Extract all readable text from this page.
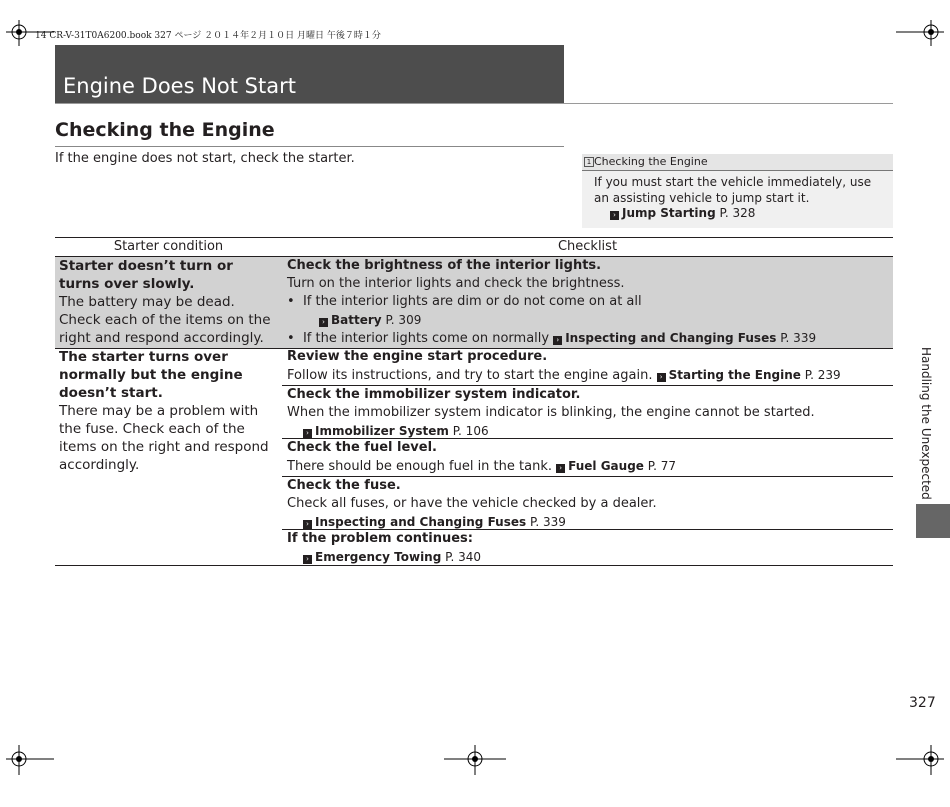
14 CR-V-31T0A6200.book 327 ページ ２０１４年２月１０日 月曜日 午後７時１分
Engine Does Not Start
Checking the Engine
If the engine does not start, check the starter.	1 Checking the Engine
If you must start the vehicle immediately, use an assisting vehicle to jump start it.
› Jump Starting P. 328
Starter condition	Checklist
Starter doesn’t turn or turns over slowly.
The battery may be dead. Check each of the items on the right and respond accordingly.
Check the brightness of the interior lights.
Turn on the interior lights and check the brightness.
•  If the interior lights are dim or do not come on at all
› Battery P. 309
•  If the interior lights come on normally › Inspecting and Changing Fuses P. 339
The starter turns over normally but the engine doesn’t start.
There may be a problem with the fuse. Check each of the items on the right and respond accordingly.
Review the engine start procedure.
Follow its instructions, and try to start the engine again. › Starting the Engine P. 239
Check the immobilizer system indicator.
When the immobilizer system indicator is blinking, the engine cannot be started.
› Immobilizer System P. 106
Check the fuel level.
There should be enough fuel in the tank. › Fuel Gauge P. 77
Check the fuse.
Check all fuses, or have the vehicle checked by a dealer.
› Inspecting and Changing Fuses P. 339
If the problem continues:
› Emergency Towing P. 340
Handling the Unexpected
327
